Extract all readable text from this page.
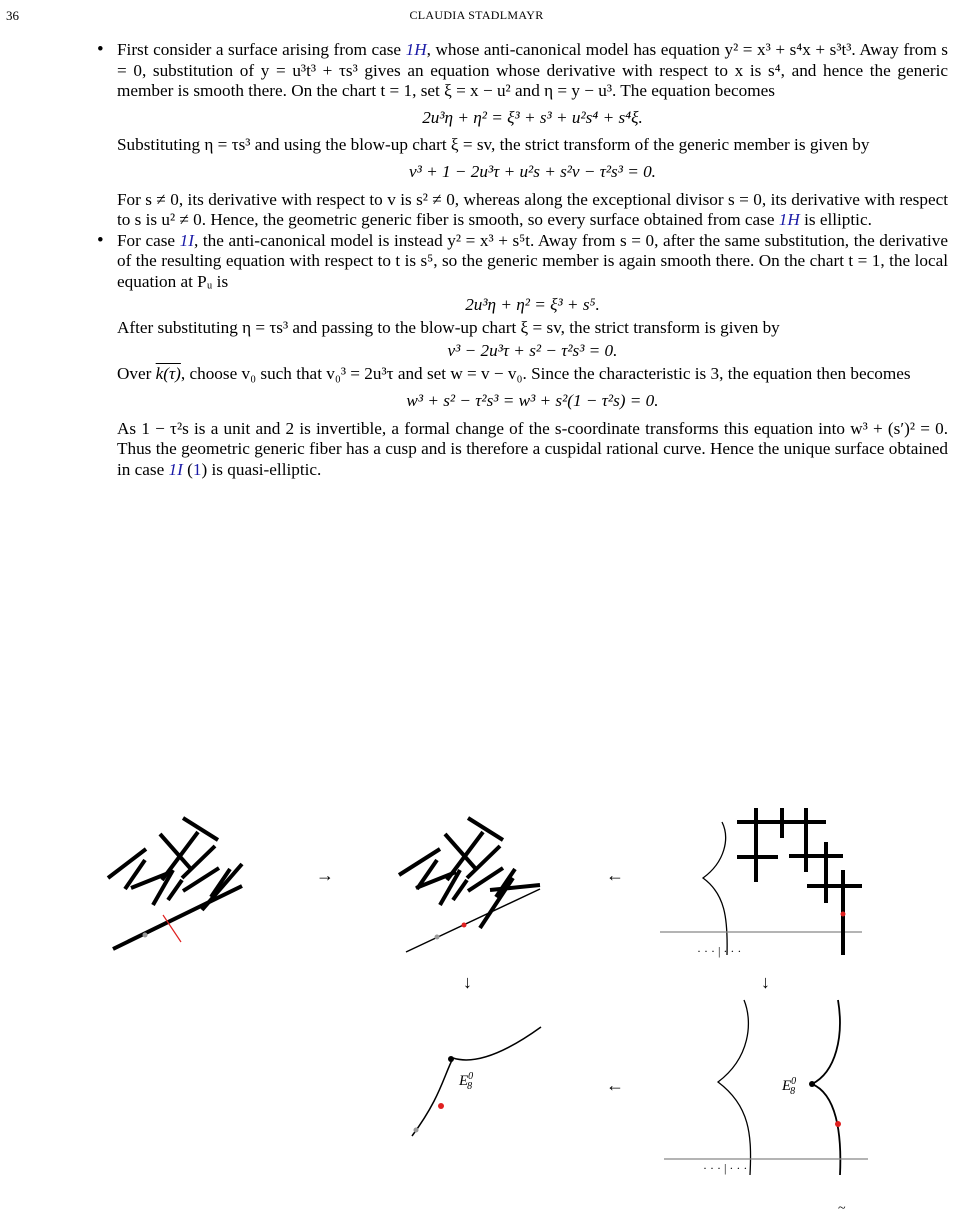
36	CLAUDIA STADLMAYR

• First consider a surface arising from case 1H, whose anti-canonical model has equation y² = x³ + s⁴x + s³t³. Away from s = 0, substitution of y = u³t³ + τs³ gives an equation whose derivative with respect to x is s⁴, and hence the generic member is smooth there. On the chart t = 1, set ξ = x − u² and η = y − u³. The equation becomes

2u³η + η² = ξ³ + s³ + u²s⁴ + s⁴ξ.

Substituting η = τs³ and using the blow-up chart ξ = sv, the strict transform of the generic member is given by

v³ + 1 − 2u³τ + u²s + s²v − τ²s³ = 0.

For s ≠ 0, its derivative with respect to v is s² ≠ 0, whereas along the exceptional divisor s = 0, its derivative with respect to s is u² ≠ 0. Hence, the geometric generic fiber is smooth, so every surface obtained from case 1H is elliptic.

• For case 1I, the anti-canonical model is instead y² = x³ + s⁵t. Away from s = 0, after the same substitution, the derivative of the resulting equation with respect to t is s⁵, so the generic member is again smooth there. On the chart t = 1, the local equation at Pᵤ is

2u³η + η² = ξ³ + s⁵.

After substituting η = τs³ and passing to the blow-up chart ξ = sv, the strict transform is given by

v³ − 2u³τ + s² − τ²s³ = 0.

Over k(τ), choose v₀ such that v₀³ = 2u³τ and set w = v − v₀. Since the characteristic is 3, the equation then becomes

w³ + s² − τ²s³ = w³ + s²(1 − τ²s) = 0.

As 1 − τ²s is a unit and 2 is invertible, a formal change of the s-coordinate transforms this equation into w³ + (s′)² = 0. Thus the geometric generic fiber has a cusp and is therefore a cuspidal rational curve. Hence the unique surface obtained in case 1I (1) is quasi-elliptic.

→	←
· · · | · · ·
↓	↓
$E^0$ 8	←	$E^0$ 8
· · · | · · ·
~
